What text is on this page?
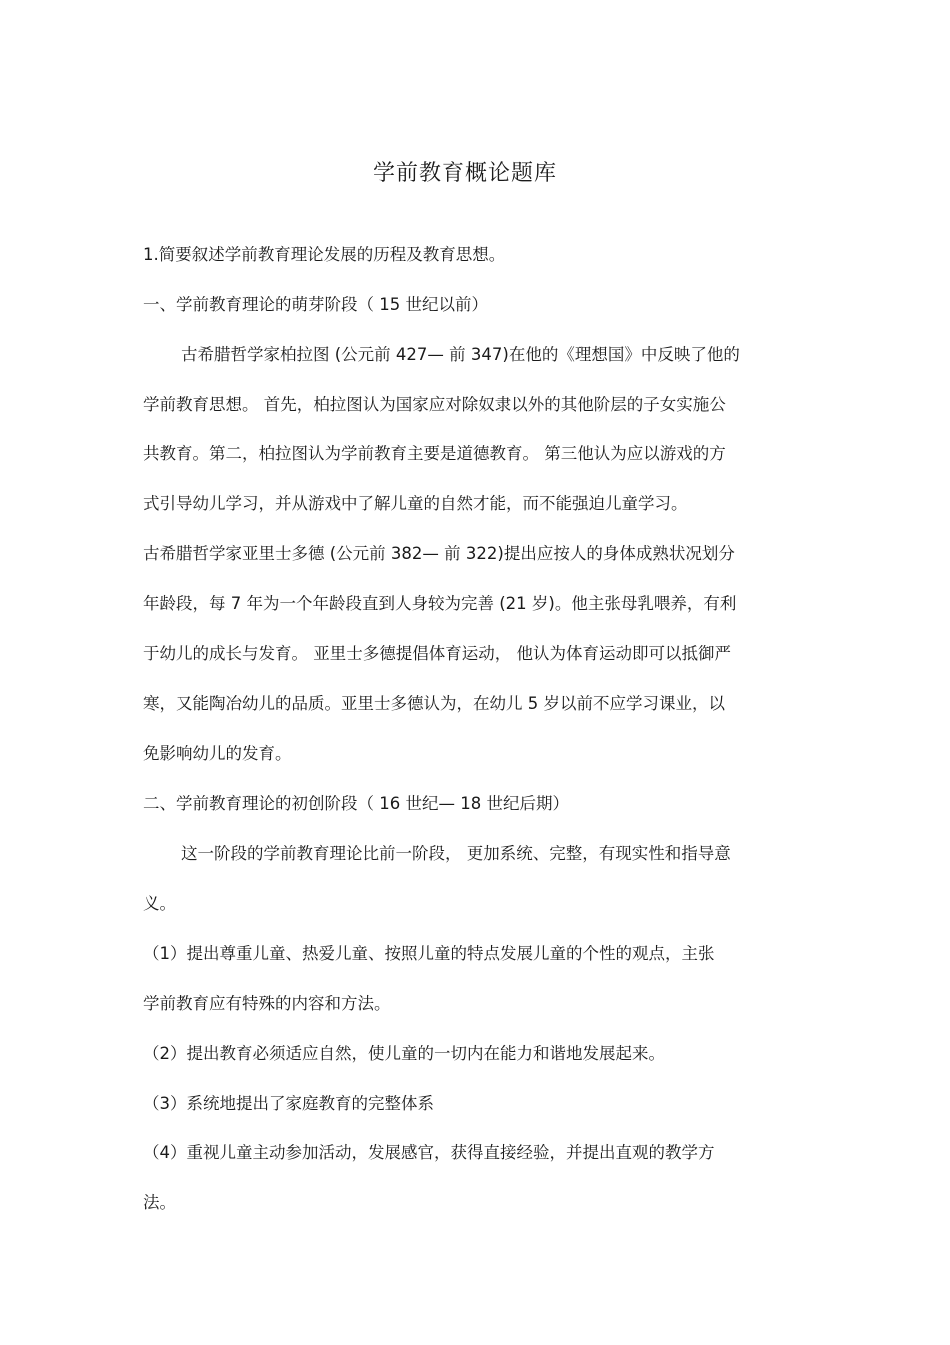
学前教育概论题库
1.简要叙述学前教育理论发展的历程及教育思想。
一、学前教育理论的萌芽阶段（ 15 世纪以前）
古希腊哲学家柏拉图 (公元前 427— 前 347)在他的《理想国》中反映了他的
学前教育思想。 首先，柏拉图认为国家应对除奴隶以外的其他阶层的子女实施公
共教育。第二，柏拉图认为学前教育主要是道德教育。 第三他认为应以游戏的方
式引导幼儿学习，并从游戏中了解儿童的自然才能，而不能强迫儿童学习。
古希腊哲学家亚里士多德 (公元前 382— 前 322)提出应按人的身体成熟状况划分
年龄段，每 7 年为一个年龄段直到人身较为完善 (21 岁)。他主张母乳喂养，有利
于幼儿的成长与发育。 亚里士多德提倡体育运动， 他认为体育运动即可以抵御严
寒，又能陶冶幼儿的品质。亚里士多德认为，在幼儿 5 岁以前不应学习课业，以
免影响幼儿的发育。
二、学前教育理论的初创阶段（ 16 世纪— 18 世纪后期）
这一阶段的学前教育理论比前一阶段， 更加系统、完整，有现实性和指导意
义。
（1）提出尊重儿童、热爱儿童、按照儿童的特点发展儿童的个性的观点，主张
学前教育应有特殊的内容和方法。
（2）提出教育必须适应自然，使儿童的一切内在能力和谐地发展起来。
（3）系统地提出了家庭教育的完整体系
（4）重视儿童主动参加活动，发展感官，获得直接经验，并提出直观的教学方
法。
